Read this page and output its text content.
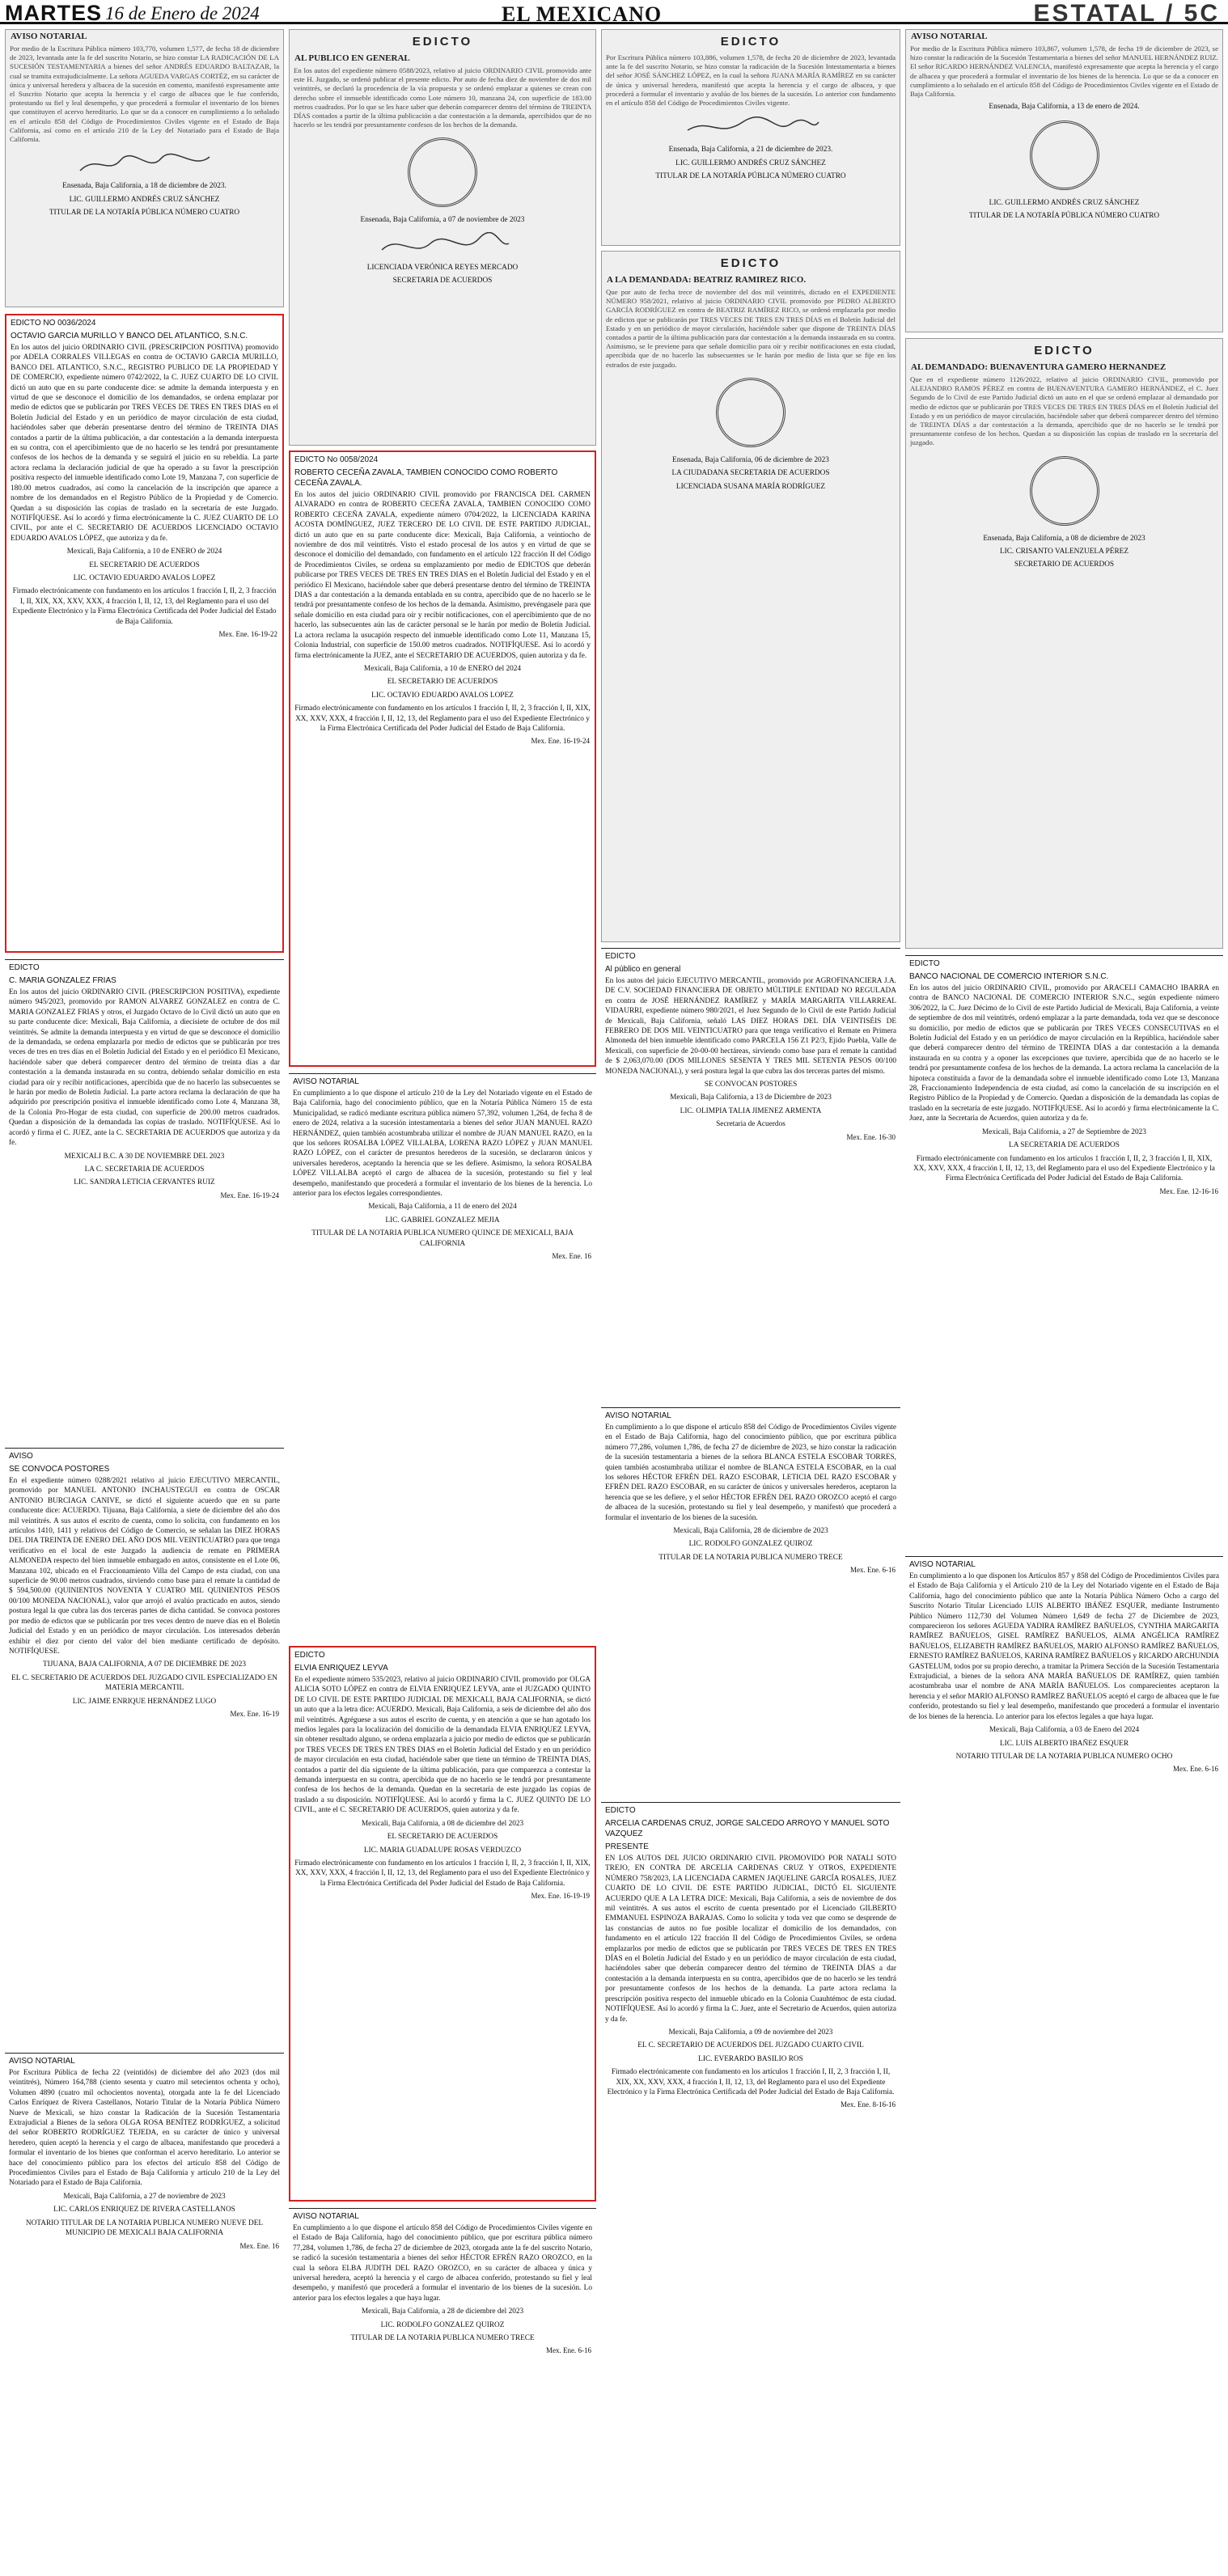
MARTES 16 de Enero de 2024	EL MEXICANO	ESTATAL / 5C
AVISO NOTARIAL
Por medio de la Escritura Pública número 103,770, volumen 1,577, de fecha 18 de diciembre de 2023, levantada ante la fe del suscrito Notario, se hizo constar LA RADICACIÓN DE LA SUCESIÓN TESTAMENTARIA a bienes del señor ANDRÉS EDUARDO BALTAZAR, la cual se tramita extrajudicialmente. La señora AGUEDA VARGAS CORTÉZ, en su carácter de única y universal heredera y albacea de la sucesión en comento, manifestó expresamente ante el Suscrito Notario que acepta la herencia y el cargo de albacea que le fue conferido, protestando su fiel y leal desempeño, y que procederá a formular el inventario de los bienes que constituyen el acervo hereditario. Lo que se da a conocer en cumplimiento a lo señalado en el artículo 858 del Código de Procedimientos Civiles vigente en el Estado de Baja California, así como en el artículo 210 de la Ley del Notariado para el Estado de Baja California.
Ensenada, Baja California, a 18 de diciembre de 2023.
LIC. GUILLERMO ANDRÉS CRUZ SÁNCHEZ
TITULAR DE LA NOTARÍA PÚBLICA NÚMERO CUATRO
EDICTO
AL PUBLICO EN GENERAL
En los autos del expediente número 0588/2023, relativo al juicio ORDINARIO CIVIL promovido ante este H. Juzgado, se ordenó publicar el presente edicto. Por auto de fecha diez de noviembre de dos mil veintitrés, se declaró la procedencia de la vía propuesta y se ordenó emplazar a quienes se crean con derecho sobre el inmueble identificado como Lote número 10, manzana 24, con superficie de 183.00 metros cuadrados. Por lo que se les hace saber que deberán comparecer dentro del término de TREINTA DÍAS contados a partir de la última publicación a dar contestación a la demanda, apercibidos que de no hacerlo se les tendrá por presuntamente confesos de los hechos de la demanda.
Ensenada, Baja California, a 07 de noviembre de 2023
LICENCIADA VERÓNICA REYES MERCADO
SECRETARIA DE ACUERDOS
EDICTO
Por Escritura Pública número 103,886, volumen 1,578, de fecha 20 de diciembre de 2023, levantada ante la fe del suscrito Notario, se hizo constar la radicación de la Sucesión Intestamentaria a bienes del señor JOSÉ SÁNCHEZ LÓPEZ, en la cual la señora JUANA MARÍA RAMÍREZ en su carácter de única y universal heredera, manifestó que acepta la herencia y el cargo de albacea, y que procederá a formular el inventario y avalúo de los bienes de la sucesión. Lo anterior con fundamento en el artículo 858 del Código de Procedimientos Civiles vigente.
Ensenada, Baja California, a 21 de diciembre de 2023.
LIC. GUILLERMO ANDRÉS CRUZ SÁNCHEZ
TITULAR DE LA NOTARÍA PÚBLICA NÚMERO CUATRO
AVISO NOTARIAL
Por medio de la Escritura Pública número 103,867, volumen 1,578, de fecha 19 de diciembre de 2023, se hizo constar la radicación de la Sucesión Testamentaria a bienes del señor MANUEL HERNÁNDEZ RUIZ. El señor RICARDO HERNÁNDEZ VALENCIA, manifestó expresamente que acepta la herencia y el cargo de albacea y que procederá a formular el inventario de los bienes de la herencia. Lo que se da a conocer en cumplimiento a lo señalado en el artículo 858 del Código de Procedimientos Civiles vigente en el Estado de Baja California.
Ensenada, Baja California, a 13 de enero de 2024.
LIC. GUILLERMO ANDRÉS CRUZ SÁNCHEZ
TITULAR DE LA NOTARÍA PÚBLICA NÚMERO CUATRO
EDICTO NO 0036/2024
OCTAVIO GARCIA MURILLO Y BANCO DEL ATLANTICO, S.N.C.
En los autos del juicio ORDINARIO CIVIL (PRESCRIPCION POSITIVA) promovido por ADELA CORRALES VILLEGAS en contra de OCTAVIO GARCIA MURILLO, BANCO DEL ATLANTICO, S.N.C., REGISTRO PUBLICO DE LA PROPIEDAD Y DE COMERCIO, expediente número 0742/2022, la C. JUEZ CUARTO DE LO CIVIL dictó un auto que en su parte conducente dice: se admite la demanda interpuesta y en virtud de que se desconoce el domicilio de los demandados, se ordena emplazar por medio de edictos que se publicarán por TRES VECES DE TRES EN TRES DIAS en el Boletín Judicial del Estado y en un periódico de mayor circulación de esta ciudad, haciéndoles saber que deberán presentarse dentro del término de TREINTA DIAS contados a partir de la última publicación, a dar contestación a la demanda interpuesta en su contra, con el apercibimiento que de no hacerlo se les tendrá por presuntamente confesos de los hechos de la demanda y se seguirá el juicio en su rebeldía. La parte actora reclama la declaración judicial de que ha operado a su favor la prescripción positiva respecto del inmueble identificado como Lote 19, Manzana 7, con superficie de 180.00 metros cuadrados, así como la cancelación de la inscripción que aparece a nombre de los demandados en el Registro Público de la Propiedad y de Comercio. Quedan a su disposición las copias de traslado en la secretaría de este Juzgado. NOTIFÍQUESE. Así lo acordó y firma electrónicamente la C. JUEZ CUARTO DE LO CIVIL, por ante el C. SECRETARIO DE ACUERDOS LICENCIADO OCTAVIO EDUARDO AVALOS LÓPEZ, que autoriza y da fe.
Mexicali, Baja California, a 10 de ENERO de 2024
EL SECRETARIO DE ACUERDOS
LIC. OCTAVIO EDUARDO AVALOS LOPEZ
Firmado electrónicamente con fundamento en los artículos 1 fracción I, II, 2, 3 fracción I, II, XIX, XX, XXV, XXX, 4 fracción I, II, 12, 13, del Reglamento para el uso del Expediente Electrónico y la Firma Electrónica Certificada del Poder Judicial del Estado de Baja California.
Mex. Ene. 16-19-22
EDICTO
C. MARIA GONZALEZ FRIAS
En los autos del juicio ORDINARIO CIVIL (PRESCRIPCION POSITIVA), expediente número 945/2023, promovido por RAMON ALVAREZ GONZALEZ en contra de C. MARIA GONZALEZ FRIAS y otros, el Juzgado Octavo de lo Civil dictó un auto que en su parte conducente dice: Mexicali, Baja California, a diecisiete de octubre de dos mil veintitrés. Se admite la demanda interpuesta y en virtud de que se desconoce el domicilio de la demandada, se ordena emplazarla por medio de edictos que se publicarán por tres veces de tres en tres días en el Boletín Judicial del Estado y en el periódico El Mexicano, haciéndole saber que deberá comparecer dentro del término de treinta días a dar contestación a la demanda instaurada en su contra, debiendo señalar domicilio en esta ciudad para oír y recibir notificaciones, apercibida que de no hacerlo las subsecuentes se le harán por medio de Boletín Judicial. La parte actora reclama la declaración de que ha adquirido por prescripción positiva el inmueble identificado como Lote 4, Manzana 38, de la Colonia Pro-Hogar de esta ciudad, con superficie de 200.00 metros cuadrados. Quedan a disposición de la demandada las copias de traslado. NOTIFÍQUESE. Así lo acordó y firma el C. JUEZ, ante la C. SECRETARIA DE ACUERDOS que autoriza y da fe.
MEXICALI B.C. A 30 DE NOVIEMBRE DEL 2023
LA C. SECRETARIA DE ACUERDOS
LIC. SANDRA LETICIA CERVANTES RUIZ
Mex. Ene. 16-19-24
AVISO
SE CONVOCA POSTORES
En el expediente número 0288/2021 relativo al juicio EJECUTIVO MERCANTIL, promovido por MANUEL ANTONIO INCHAUSTEGUI en contra de OSCAR ANTONIO BURCIAGA CANIVE, se dictó el siguiente acuerdo que en su parte conducente dice: ACUERDO. Tijuana, Baja California, a siete de diciembre del año dos mil veintitrés. A sus autos el escrito de cuenta, como lo solicita, con fundamento en los artículos 1410, 1411 y relativos del Código de Comercio, se señalan las DIEZ HORAS DEL DIA TREINTA DE ENERO DEL AÑO DOS MIL VEINTICUATRO para que tenga verificativo en el local de este Juzgado la audiencia de remate en PRIMERA ALMONEDA respecto del bien inmueble embargado en autos, consistente en el Lote 06, Manzana 102, ubicado en el Fraccionamiento Villa del Campo de esta ciudad, con una superficie de 90.00 metros cuadrados, sirviendo como base para el remate la cantidad de $ 594,500.00 (QUINIENTOS NOVENTA Y CUATRO MIL QUINIENTOS PESOS 00/100 MONEDA NACIONAL), valor que arrojó el avalúo practicado en autos, siendo postura legal la que cubra las dos terceras partes de dicha cantidad. Se convoca postores por medio de edictos que se publicarán por tres veces dentro de nueve días en el Boletín Judicial del Estado y en un periódico de mayor circulación. Los interesados deberán exhibir el diez por ciento del valor del bien mediante certificado de depósito. NOTIFÍQUESE.
TIJUANA, BAJA CALIFORNIA, A 07 DE DICIEMBRE DE 2023
EL C. SECRETARIO DE ACUERDOS DEL JUZGADO CIVIL ESPECIALIZADO EN MATERIA MERCANTIL
LIC. JAIME ENRIQUE HERNÁNDEZ LUGO
Mex. Ene. 16-19
AVISO NOTARIAL
Por Escritura Pública de fecha 22 (veintidós) de diciembre del año 2023 (dos mil veintitrés), Número 164,788 (ciento sesenta y cuatro mil setecientos ochenta y ocho), Volumen 4890 (cuatro mil ochocientos noventa), otorgada ante la fe del Licenciado Carlos Enríquez de Rivera Castellanos, Notario Titular de la Notaría Pública Número Nueve de Mexicali, se hizo constar la Radicación de la Sucesión Testamentaria Extrajudicial a Bienes de la señora OLGA ROSA BENÍTEZ RODRÍGUEZ, a solicitud del señor ROBERTO RODRÍGUEZ TEJEDA, en su carácter de único y universal heredero, quien aceptó la herencia y el cargo de albacea, manifestando que procederá a formular el inventario de los bienes que conforman el acervo hereditario. Lo anterior se hace del conocimiento público para los efectos del artículo 858 del Código de Procedimientos Civiles para el Estado de Baja California y artículo 210 de la Ley del Notariado para el Estado de Baja California.
Mexicali, Baja California, a 27 de noviembre de 2023
LIC. CARLOS ENRIQUEZ DE RIVERA CASTELLANOS
NOTARIO TITULAR DE LA NOTARIA PUBLICA NUMERO NUEVE DEL MUNICIPIO DE MEXICALI BAJA CALIFORNIA
Mex. Ene. 16
EDICTO No 0058/2024
ROBERTO CECEÑA ZAVALA, TAMBIEN CONOCIDO COMO ROBERTO CECEÑA ZAVALA.
En los autos del juicio ORDINARIO CIVIL promovido por FRANCISCA DEL CARMEN ALVARADO en contra de ROBERTO CECEÑA ZAVALA, TAMBIEN CONOCIDO COMO ROBERTO CECEÑA ZAVALA, expediente número 0704/2022, la LICENCIADA KARINA ACOSTA DOMÍNGUEZ, JUEZ TERCERO DE LO CIVIL DE ESTE PARTIDO JUDICIAL, dictó un auto que en su parte conducente dice: Mexicali, Baja California, a veintiocho de noviembre de dos mil veintitrés. Visto el estado procesal de los autos y en virtud de que se desconoce el domicilio del demandado, con fundamento en el artículo 122 fracción II del Código de Procedimientos Civiles, se ordena su emplazamiento por medio de EDICTOS que deberán publicarse por TRES VECES DE TRES EN TRES DIAS en el Boletín Judicial del Estado y en el periódico El Mexicano, haciéndole saber que deberá presentarse dentro del término de TREINTA DIAS a dar contestación a la demanda entablada en su contra, apercibido que de no hacerlo se le tendrá por presuntamente confeso de los hechos de la demanda. Asimismo, prevéngasele para que señale domicilio en esta ciudad para oír y recibir notificaciones, con el apercibimiento que de no hacerlo, las subsecuentes aún las de carácter personal se le harán por medio de Boletín Judicial. La actora reclama la usucapión respecto del inmueble identificado como Lote 11, Manzana 15, Colonia Industrial, con superficie de 150.00 metros cuadrados. NOTIFÍQUESE. Así lo acordó y firma electrónicamente la JUEZ, ante el SECRETARIO DE ACUERDOS, quien autoriza y da fe.
Mexicali, Baja California, a 10 de ENERO del 2024
EL SECRETARIO DE ACUERDOS
LIC. OCTAVIO EDUARDO AVALOS LOPEZ
Firmado electrónicamente con fundamento en los artículos 1 fracción I, II, 2, 3 fracción I, II, XIX, XX, XXV, XXX, 4 fracción I, II, 12, 13, del Reglamento para el uso del Expediente Electrónico y la Firma Electrónica Certificada del Poder Judicial del Estado de Baja California.
Mex. Ene. 16-19-24
AVISO NOTARIAL
En cumplimiento a lo que dispone el artículo 210 de la Ley del Notariado vigente en el Estado de Baja California, hago del conocimiento público, que en la Notaría Pública Número 15 de esta Municipalidad, se radicó mediante escritura pública número 57,392, volumen 1,264, de fecha 8 de enero de 2024, relativa a la sucesión intestamentaria a bienes del señor JUAN MANUEL RAZO HERNÁNDEZ, quien también acostumbraba utilizar el nombre de JUAN MANUEL RAZO, en la que los señores ROSALBA LÓPEZ VILLALBA, LORENA RAZO LÓPEZ y JUAN MANUEL RAZO LÓPEZ, con el carácter de presuntos herederos de la sucesión, se declararon únicos y universales herederos, aceptando la herencia que se les defiere. Asimismo, la señora ROSALBA LÓPEZ VILLALBA aceptó el cargo de albacea de la sucesión, protestando su fiel y leal desempeño, manifestando que procederá a formular el inventario de los bienes de la herencia. Lo anterior para los efectos legales correspondientes.
Mexicali, Baja California, a 11 de enero del 2024
LIC. GABRIEL GONZALEZ MEJIA
TITULAR DE LA NOTARIA PUBLICA NUMERO QUINCE DE MEXICALI, BAJA CALIFORNIA
Mex. Ene. 16
EDICTO
ELVIA ENRIQUEZ LEYVA
En el expediente número 535/2023, relativo al juicio ORDINARIO CIVIL promovido por OLGA ALICIA SOTO LÓPEZ en contra de ELVIA ENRIQUEZ LEYVA, ante el JUZGADO QUINTO DE LO CIVIL DE ESTE PARTIDO JUDICIAL DE MEXICALI, BAJA CALIFORNIA, se dictó un auto que a la letra dice: ACUERDO. Mexicali, Baja California, a seis de diciembre del año dos mil veintitrés. Agréguese a sus autos el escrito de cuenta, y en atención a que se han agotado los medios legales para la localización del domicilio de la demandada ELVIA ENRIQUEZ LEYVA, sin obtener resultado alguno, se ordena emplazarla a juicio por medio de edictos que se publicarán por TRES VECES DE TRES EN TRES DIAS en el Boletín Judicial del Estado y en un periódico de mayor circulación en esta ciudad, haciéndole saber que tiene un término de TREINTA DIAS, contados a partir del día siguiente de la última publicación, para que comparezca a contestar la demanda interpuesta en su contra, apercibida que de no hacerlo se le tendrá por presuntamente confesa de los hechos de la demanda. Quedan en la secretaría de este juzgado las copias de traslado a su disposición. NOTIFÍQUESE. Así lo acordó y firma la C. JUEZ QUINTO DE LO CIVIL, ante el C. SECRETARIO DE ACUERDOS, quien autoriza y da fe.
Mexicali, Baja California, a 08 de diciembre del 2023
EL SECRETARIO DE ACUERDOS
LIC. MARIA GUADALUPE ROSAS VERDUZCO
Firmado electrónicamente con fundamento en los artículos 1 fracción I, II, 2, 3 fracción I, II, XIX, XX, XXV, XXX, 4 fracción I, II, 12, 13, del Reglamento para el uso del Expediente Electrónico y la Firma Electrónica Certificada del Poder Judicial del Estado de Baja California.
Mex. Ene. 16-19-19
AVISO NOTARIAL
En cumplimiento a lo que dispone el artículo 858 del Código de Procedimientos Civiles vigente en el Estado de Baja California, hago del conocimiento público, que por escritura pública número 77,284, volumen 1,786, de fecha 27 de diciembre de 2023, otorgada ante la fe del suscrito Notario, se radicó la sucesión testamentaria a bienes del señor HÉCTOR EFRÉN RAZO OROZCO, en la cual la señora ELBA JUDITH DEL RAZO OROZCO, en su carácter de albacea y única y universal heredera, aceptó la herencia y el cargo de albacea conferido, protestando su fiel y leal desempeño, y manifestó que procederá a formular el inventario de los bienes de la sucesión. Lo anterior para los efectos legales a que haya lugar.
Mexicali, Baja California, a 28 de diciembre del 2023
LIC. RODOLFO GONZALEZ QUIROZ
TITULAR DE LA NOTARIA PUBLICA NUMERO TRECE
Mex. Ene. 6-16
EDICTO
A LA DEMANDADA: BEATRIZ RAMIREZ RICO.
Que por auto de fecha trece de noviembre del dos mil veintitrés, dictado en el EXPEDIENTE NÚMERO 958/2021, relativo al juicio ORDINARIO CIVIL promovido por PEDRO ALBERTO GARCÍA RODRÍGUEZ en contra de BEATRIZ RAMÍREZ RICO, se ordenó emplazarla por medio de edictos que se publicarán por TRES VECES DE TRES EN TRES DÍAS en el Boletín Judicial del Estado y en un periódico de mayor circulación, haciéndole saber que dispone de TREINTA DÍAS contados a partir de la última publicación para dar contestación a la demanda instaurada en su contra. Asimismo, se le previene para que señale domicilio para oír y recibir notificaciones en esta ciudad, apercibida que de no hacerlo las subsecuentes se le harán por medio de lista que se fije en los estrados de este juzgado.
Ensenada, Baja California, 06 de diciembre de 2023
LA CIUDADANA SECRETARIA DE ACUERDOS
LICENCIADA SUSANA MARÍA RODRÍGUEZ
EDICTO
Al público en general
En los autos del juicio EJECUTIVO MERCANTIL, promovido por AGROFINANCIERA J.A. DE C.V. SOCIEDAD FINANCIERA DE OBJETO MÚLTIPLE ENTIDAD NO REGULADA en contra de JOSÉ HERNÁNDEZ RAMÍREZ y MARÍA MARGARITA VILLARREAL VIDAURRI, expediente número 980/2021, el Juez Segundo de lo Civil de este Partido Judicial de Mexicali, Baja California, señaló LAS DIEZ HORAS DEL DÍA VEINTISÉIS DE FEBRERO DE DOS MIL VEINTICUATRO para que tenga verificativo el Remate en Primera Almoneda del bien inmueble identificado como PARCELA 156 Z1 P2/3, Ejido Puebla, Valle de Mexicali, con superficie de 20-00-00 hectáreas, sirviendo como base para el remate la cantidad de $ 2,063,070.00 (DOS MILLONES SESENTA Y TRES MIL SETENTA PESOS 00/100 MONEDA NACIONAL), y será postura legal la que cubra las dos terceras partes del mismo.
SE CONVOCAN POSTORES
Mexicali, Baja California, a 13 de Diciembre de 2023
LIC. OLIMPIA TALIA JIMENEZ ARMENTA
Secretaria de Acuerdos
Mex. Ene. 16-30
AVISO NOTARIAL
En cumplimiento a lo que dispone el artículo 858 del Código de Procedimientos Civiles vigente en el Estado de Baja California, hago del conocimiento público, que por escritura pública número 77,286, volumen 1,786, de fecha 27 de diciembre de 2023, se hizo constar la radicación de la sucesión testamentaria a bienes de la señora BLANCA ESTELA ESCOBAR TORRES, quien también acostumbraba utilizar el nombre de BLANCA ESTELA ESCOBAR, en la cual los señores HÉCTOR EFRÉN DEL RAZO ESCOBAR, LETICIA DEL RAZO ESCOBAR y EFRÉN DEL RAZO ESCOBAR, en su carácter de únicos y universales herederos, aceptaron la herencia que se les defiere, y el señor HÉCTOR EFRÉN DEL RAZO OROZCO aceptó el cargo de albacea de la sucesión, protestando su fiel y leal desempeño, y manifestó que procederá a formular el inventario de los bienes de la sucesión.
Mexicali, Baja California, 28 de diciembre de 2023
LIC. RODOLFO GONZALEZ QUIROZ
TITULAR DE LA NOTARIA PUBLICA NUMERO TRECE
Mex. Ene. 6-16
EDICTO
ARCELIA CARDENAS CRUZ, JORGE SALCEDO ARROYO Y MANUEL SOTO VAZQUEZ
PRESENTE
EN LOS AUTOS DEL JUICIO ORDINARIO CIVIL PROMOVIDO POR NATALI SOTO TREJO, EN CONTRA DE ARCELIA CARDENAS CRUZ Y OTROS, EXPEDIENTE NÚMERO 758/2023, LA LICENCIADA CARMEN JAQUELINE GARCÍA ROSALES, JUEZ CUARTO DE LO CIVIL DE ESTE PARTIDO JUDICIAL, DICTÓ EL SIGUIENTE ACUERDO QUE A LA LETRA DICE: Mexicali, Baja California, a seis de noviembre de dos mil veintitrés. A sus autos el escrito de cuenta presentado por el Licenciado GILBERTO EMMANUEL ESPINOZA BARAJAS. Como lo solicita y toda vez que como se desprende de las constancias de autos no fue posible localizar el domicilio de los demandados, con fundamento en el artículo 122 fracción II del Código de Procedimientos Civiles, se ordena emplazarlos por medio de edictos que se publicarán por TRES VECES DE TRES EN TRES DÍAS en el Boletín Judicial del Estado y en un periódico de mayor circulación de esta ciudad, haciéndoles saber que deberán comparecer dentro del término de TREINTA DÍAS a dar contestación a la demanda interpuesta en su contra, apercibidos que de no hacerlo se les tendrá por presuntamente confesos de los hechos de la demanda. La parte actora reclama la prescripción positiva respecto del inmueble ubicado en la Colonia Cuauhtémoc de esta ciudad. NOTIFÍQUESE. Así lo acordó y firma la C. Juez, ante el Secretario de Acuerdos, quien autoriza y da fe.
Mexicali, Baja California, a 09 de noviembre del 2023
EL C. SECRETARIO DE ACUERDOS DEL JUZGADO CUARTO CIVIL
LIC. EVERARDO BASILIO ROS
Firmado electrónicamente con fundamento en los artículos 1 fracción I, II, 2, 3 fracción I, II, XIX, XX, XXV, XXX, 4 fracción I, II, 12, 13, del Reglamento para el uso del Expediente Electrónico y la Firma Electrónica Certificada del Poder Judicial del Estado de Baja California.
Mex. Ene. 8-16-16
EDICTO
AL DEMANDADO: BUENAVENTURA GAMERO HERNANDEZ
Que en el expediente número 1126/2022, relativo al juicio ORDINARIO CIVIL, promovido por ALEJANDRO RAMOS PÉREZ en contra de BUENAVENTURA GAMERO HERNÁNDEZ, el C. Juez Segundo de lo Civil de este Partido Judicial dictó un auto en el que se ordenó emplazar al demandado por medio de edictos que se publicarán por TRES VECES DE TRES EN TRES DÍAS en el Boletín Judicial del Estado y en un periódico de mayor circulación, haciéndole saber que deberá comparecer dentro del término de TREINTA DÍAS a dar contestación a la demanda, apercibido que de no hacerlo se le tendrá por presuntamente confeso de los hechos. Quedan a su disposición las copias de traslado en la secretaría del juzgado.
Ensenada, Baja California, a 08 de diciembre de 2023
LIC. CRISANTO VALENZUELA PÉREZ
SECRETARIO DE ACUERDOS
EDICTO
BANCO NACIONAL DE COMERCIO INTERIOR S.N.C.
En los autos del juicio ORDINARIO CIVIL, promovido por ARACELI CAMACHO IBARRA en contra de BANCO NACIONAL DE COMERCIO INTERIOR S.N.C., según expediente número 306/2022, la C. Juez Décimo de lo Civil de este Partido Judicial de Mexicali, Baja California, a veinte de septiembre de dos mil veintitrés, ordenó emplazar a la parte demandada, toda vez que se desconoce su domicilio, por medio de edictos que se publicarán por TRES VECES CONSECUTIVAS en el Boletín Judicial del Estado y en un periódico de mayor circulación en la República, haciéndole saber que deberá comparecer dentro del término de TREINTA DÍAS a dar contestación a la demanda instaurada en su contra y a oponer las excepciones que tuviere, apercibida que de no hacerlo se le tendrá por presuntamente confesa de los hechos de la demanda. La actora reclama la cancelación de la hipoteca constituida a favor de la demandada sobre el inmueble identificado como Lote 13, Manzana 28, Fraccionamiento Independencia de esta ciudad, así como la cancelación de su inscripción en el Registro Público de la Propiedad y de Comercio. Quedan a disposición de la demandada las copias de traslado en la secretaría de este juzgado. NOTIFÍQUESE. Así lo acordó y firma electrónicamente la C. Juez, ante la Secretaria de Acuerdos, quien autoriza y da fe.
Mexicali, Baja California, a 27 de Septiembre de 2023
LA SECRETARIA DE ACUERDOS
Firmado electrónicamente con fundamento en los artículos 1 fracción I, II, 2, 3 fracción I, II, XIX, XX, XXV, XXX, 4 fracción I, II, 12, 13, del Reglamento para el uso del Expediente Electrónico y la Firma Electrónica Certificada del Poder Judicial del Estado de Baja California.
Mex. Ene. 12-16-16
AVISO NOTARIAL
En cumplimiento a lo que disponen los Artículos 857 y 858 del Código de Procedimientos Civiles para el Estado de Baja California y el Artículo 210 de la Ley del Notariado vigente en el Estado de Baja California, hago del conocimiento público que ante la Notaría Pública Número Ocho a cargo del Suscrito Notario Titular Licenciado LUIS ALBERTO IBÁÑEZ ESQUER, mediante Instrumento Público Número 112,730 del Volumen Número 1,649 de fecha 27 de Diciembre de 2023, comparecieron los señores AGUEDA YADIRA RAMÍREZ BAÑUELOS, CYNTHIA MARGARITA RAMÍREZ BAÑUELOS, GISEL RAMÍREZ BAÑUELOS, ALMA ANGÉLICA RAMÍREZ BAÑUELOS, ELIZABETH RAMÍREZ BAÑUELOS, MARIO ALFONSO RAMÍREZ BAÑUELOS, ERNESTO RAMÍREZ BAÑUELOS, KARINA RAMÍREZ BAÑUELOS y RICARDO ARCHUNDIA GASTELUM, todos por su propio derecho, a tramitar la Primera Sección de la Sucesión Testamentaria Extrajudicial, a bienes de la señora ANA MARÍA BAÑUELOS DE RAMÍREZ, quien también acostumbraba usar el nombre de ANA MARÍA BAÑUELOS. Los comparecientes aceptaron la herencia y el señor MARIO ALFONSO RAMÍREZ BAÑUELOS aceptó el cargo de albacea que le fue conferido, protestando su fiel y leal desempeño, manifestando que procederá a formular el inventario de los bienes de la herencia. Lo anterior para los efectos legales a que haya lugar.
Mexicali, Baja California, a 03 de Enero del 2024
LIC. LUIS ALBERTO IBAÑEZ ESQUER
NOTARIO TITULAR DE LA NOTARIA PUBLICA NUMERO OCHO
Mex. Ene. 6-16
